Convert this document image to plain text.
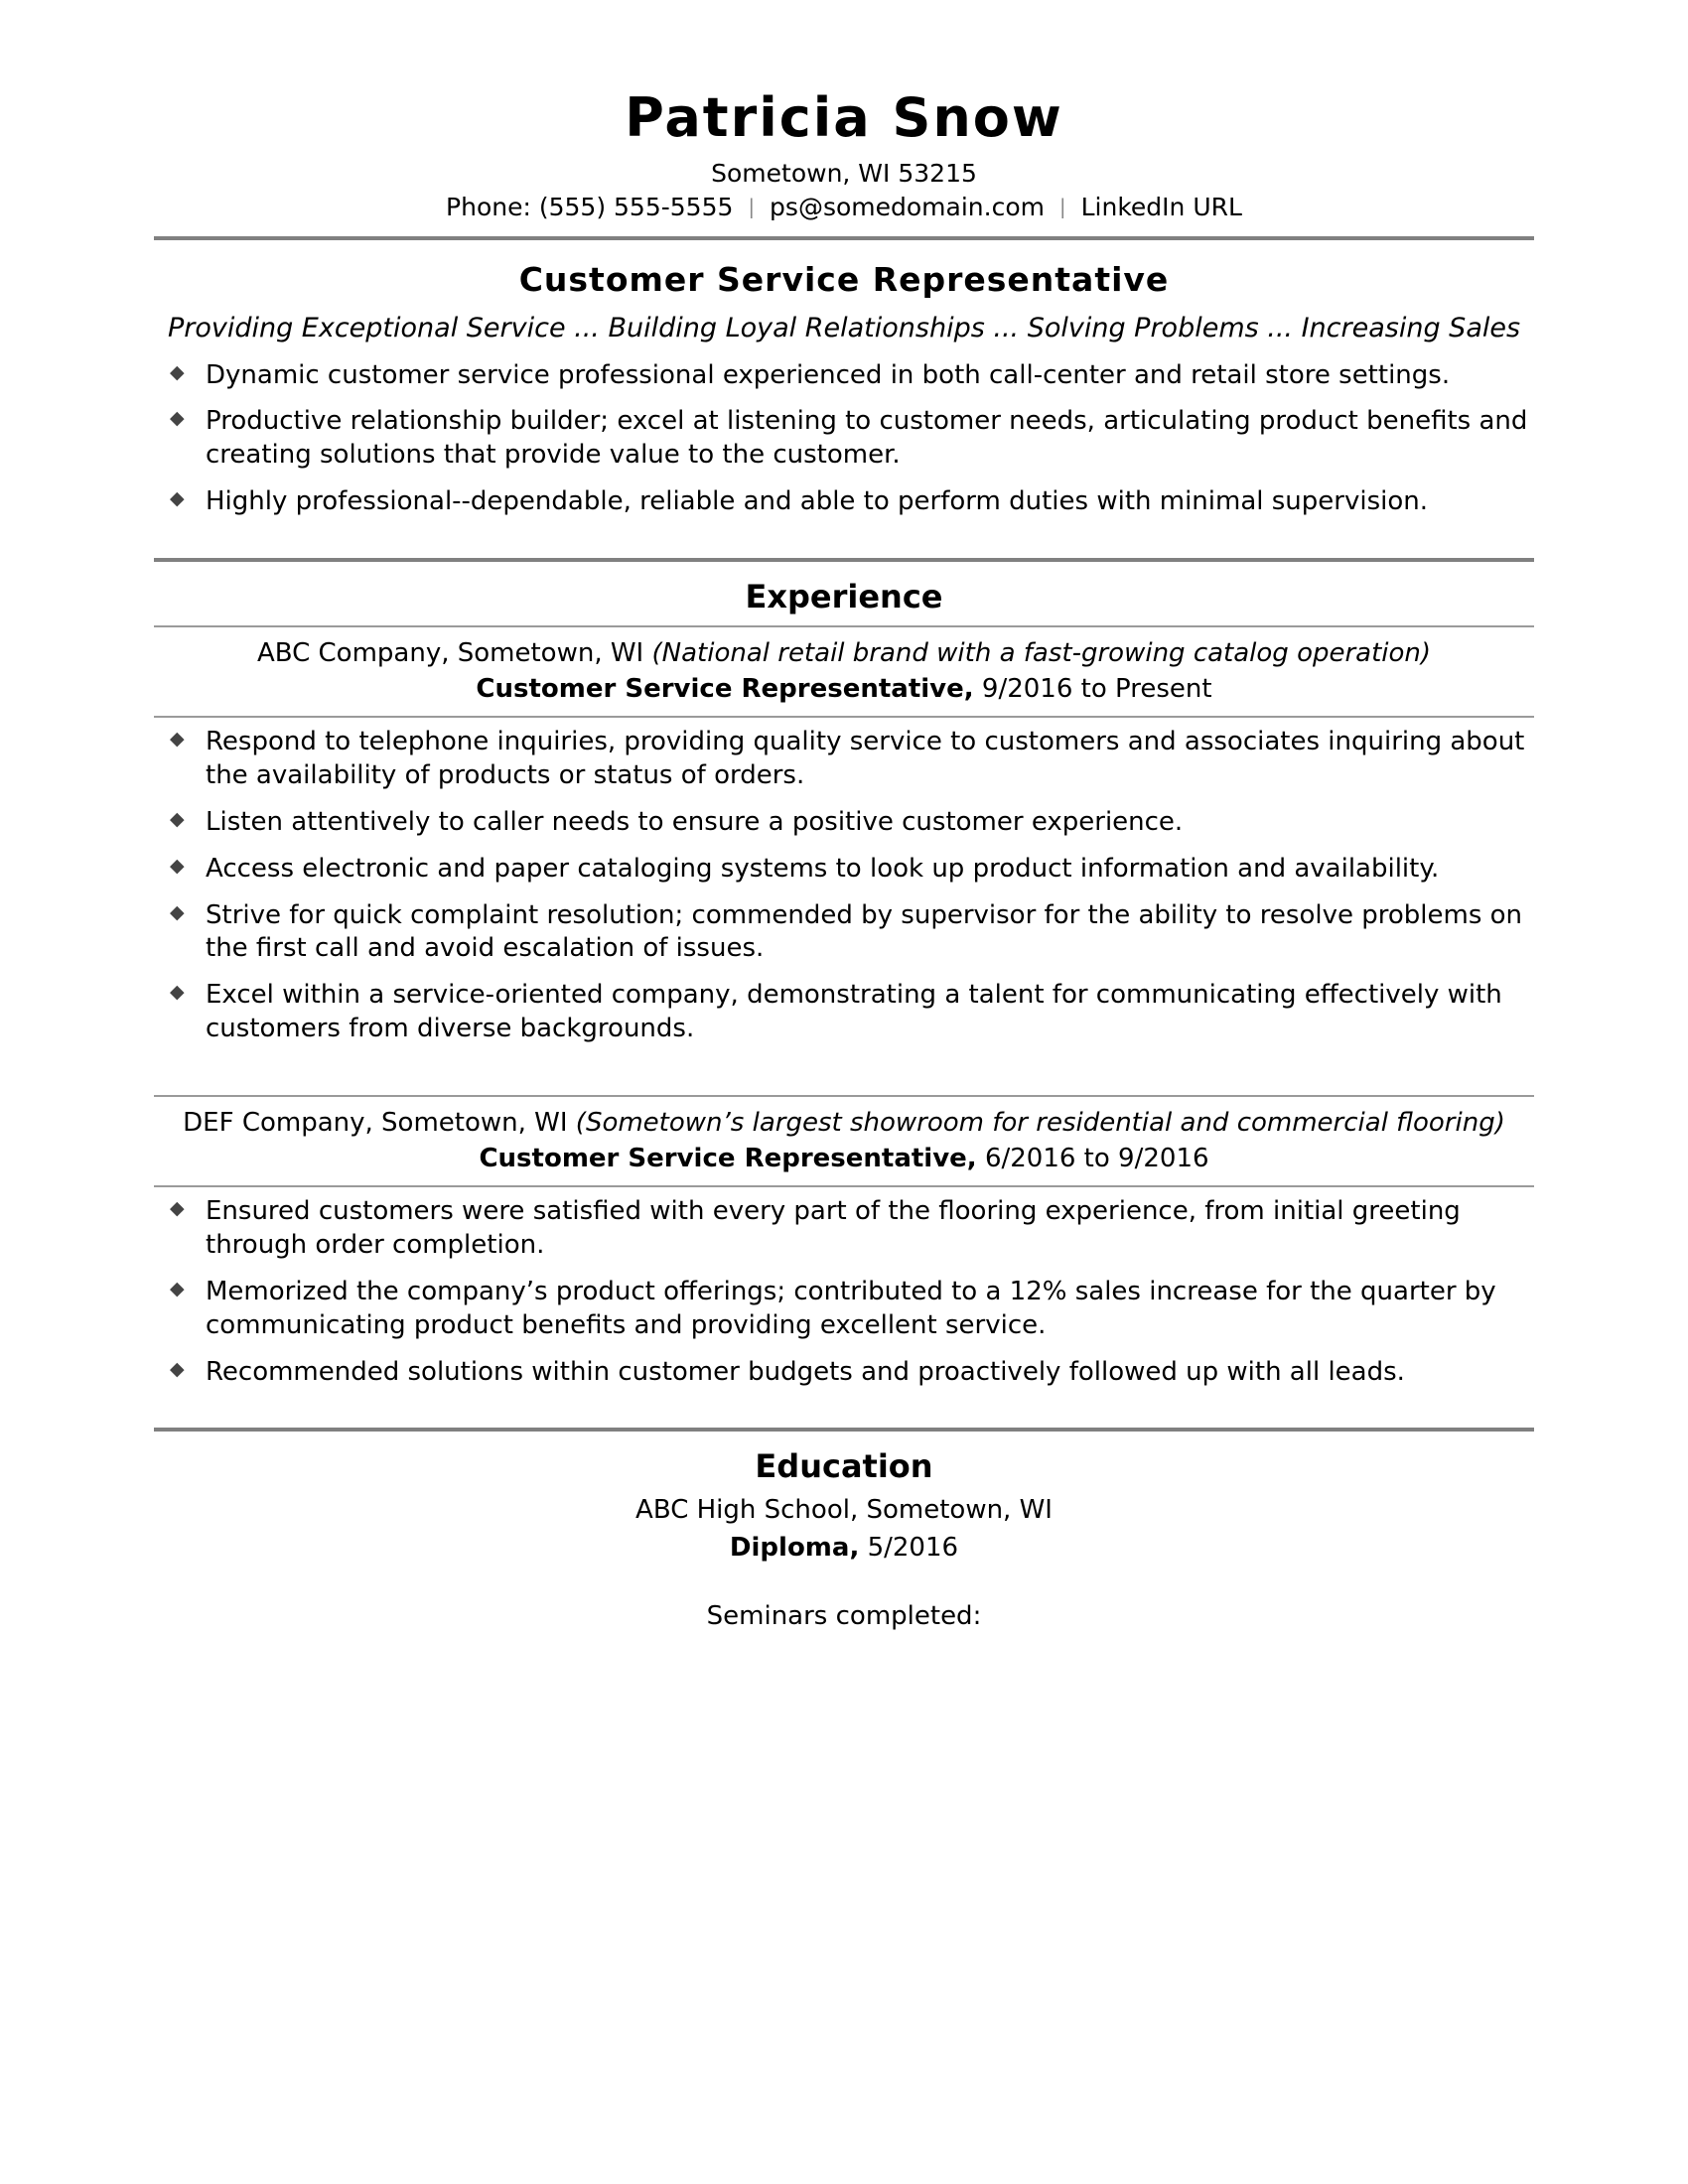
Patricia Snow
Sometown, WI 53215
Phone: (555) 555-5555 | ps@somedomain.com | LinkedIn URL
Customer Service Representative
Providing Exceptional Service ... Building Loyal Relationships ... Solving Problems ... Increasing Sales
◆ Dynamic customer service professional experienced in both call-center and retail store settings.
◆ Productive relationship builder; excel at listening to customer needs, articulating product benefits and creating solutions that provide value to the customer.
◆ Highly professional--dependable, reliable and able to perform duties with minimal supervision.
Experience
ABC Company, Sometown, WI (National retail brand with a fast-growing catalog operation)
Customer Service Representative, 9/2016 to Present
◆ Respond to telephone inquiries, providing quality service to customers and associates inquiring about the availability of products or status of orders.
◆ Listen attentively to caller needs to ensure a positive customer experience.
◆ Access electronic and paper cataloging systems to look up product information and availability.
◆ Strive for quick complaint resolution; commended by supervisor for the ability to resolve problems on the first call and avoid escalation of issues.
◆ Excel within a service-oriented company, demonstrating a talent for communicating effectively with customers from diverse backgrounds.
DEF Company, Sometown, WI (Sometown’s largest showroom for residential and commercial flooring)
Customer Service Representative, 6/2016 to 9/2016
◆ Ensured customers were satisfied with every part of the flooring experience, from initial greeting through order completion.
◆ Memorized the company’s product offerings; contributed to a 12% sales increase for the quarter by communicating product benefits and providing excellent service.
◆ Recommended solutions within customer budgets and proactively followed up with all leads.
Education
ABC High School, Sometown, WI
Diploma, 5/2016
Seminars completed:
